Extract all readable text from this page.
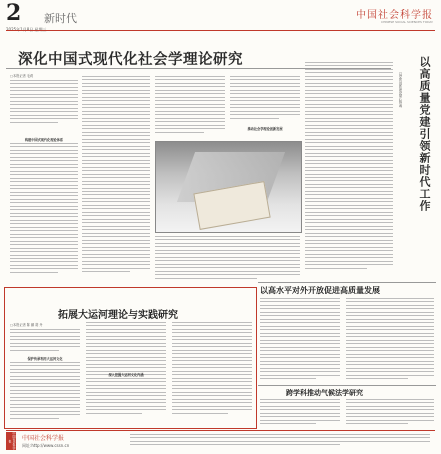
2 新时代	中国社会科学报
CHINESE SOCIAL SCIENCES TODAY
深化中国式现代化社会学理论研究
□本报记者 毛莉
构建中国式现代化理论体系
推动社会学理论创新发展
以党的创新理论凝心铸魂	以高质量党建引领新时代工作
以高水平对外开放促进高质量发展
拓展大运河理论与实践研究
□本报记者 陈 鹏 胡 丹
保护传承利用大运河文化
深入挖掘大运河文化内涵
跨学科推动气候法学研究
中国社会科学报	中国社会科学报
网址:http://www.cssn.cn
